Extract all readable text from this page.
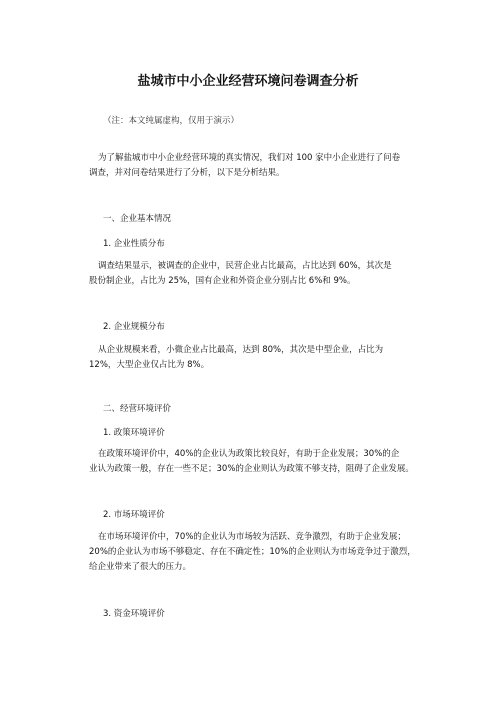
盐城市中小企业经营环境问卷调查分析
（注：本文纯属虚构，仅用于演示）
为了解盐城市中小企业经营环境的真实情况，我们对 100 家中小企业进行了问卷
调查，并对问卷结果进行了分析，以下是分析结果。
一、企业基本情况
1. 企业性质分布
调查结果显示，被调查的企业中，民营企业占比最高，占比达到 60%，其次是
股份制企业，占比为 25%，国有企业和外资企业分别占比 6%和 9%。
2. 企业规模分布
从企业规模来看，小微企业占比最高，达到 80%，其次是中型企业，占比为
12%，大型企业仅占比为 8%。
二、经营环境评价
1. 政策环境评价
在政策环境评价中，40%的企业认为政策比较良好，有助于企业发展；30%的企
业认为政策一般，存在一些不足；30%的企业则认为政策不够支持，阻碍了企业发展。
2. 市场环境评价
在市场环境评价中，70%的企业认为市场较为活跃、竞争激烈，有助于企业发展；
20%的企业认为市场不够稳定、存在不确定性；10%的企业则认为市场竞争过于激烈，
给企业带来了很大的压力。
3. 资金环境评价
